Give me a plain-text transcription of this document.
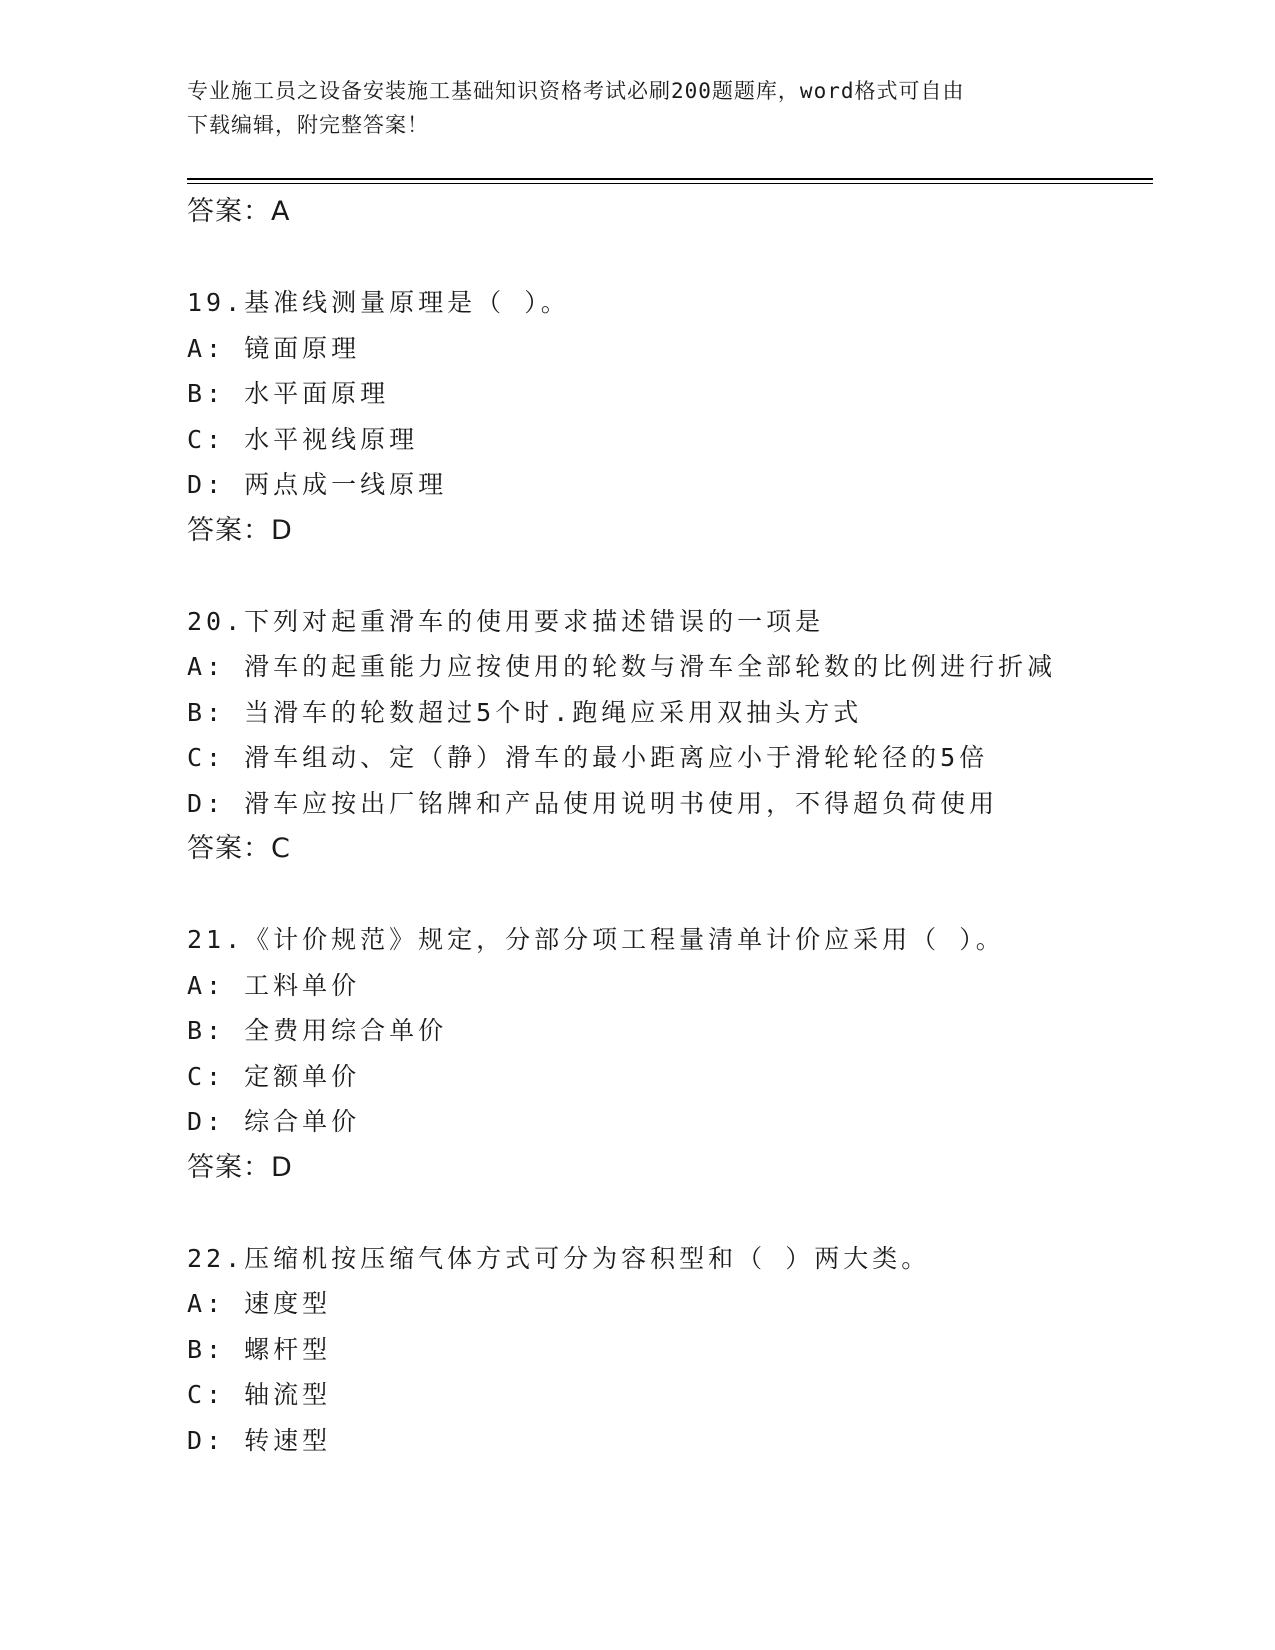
专业施工员之设备安装施工基础知识资格考试必刷200题题库，word格式可自由
下载编辑，附完整答案！
答案：A
19.基准线测量原理是（ ）。
A: 镜面原理
B: 水平面原理
C: 水平视线原理
D: 两点成一线原理
答案：D
20.下列对起重滑车的使用要求描述错误的一项是
A: 滑车的起重能力应按使用的轮数与滑车全部轮数的比例进行折减
B: 当滑车的轮数超过5个时.跑绳应采用双抽头方式
C: 滑车组动、定（静）滑车的最小距离应小于滑轮轮径的5倍
D: 滑车应按出厂铭牌和产品使用说明书使用，不得超负荷使用
答案：C
21.《计价规范》规定，分部分项工程量清单计价应采用（ ）。
A: 工料单价
B: 全费用综合单价
C: 定额单价
D: 综合单价
答案：D
22.压缩机按压缩气体方式可分为容积型和（ ）两大类。
A: 速度型
B: 螺杆型
C: 轴流型
D: 转速型
